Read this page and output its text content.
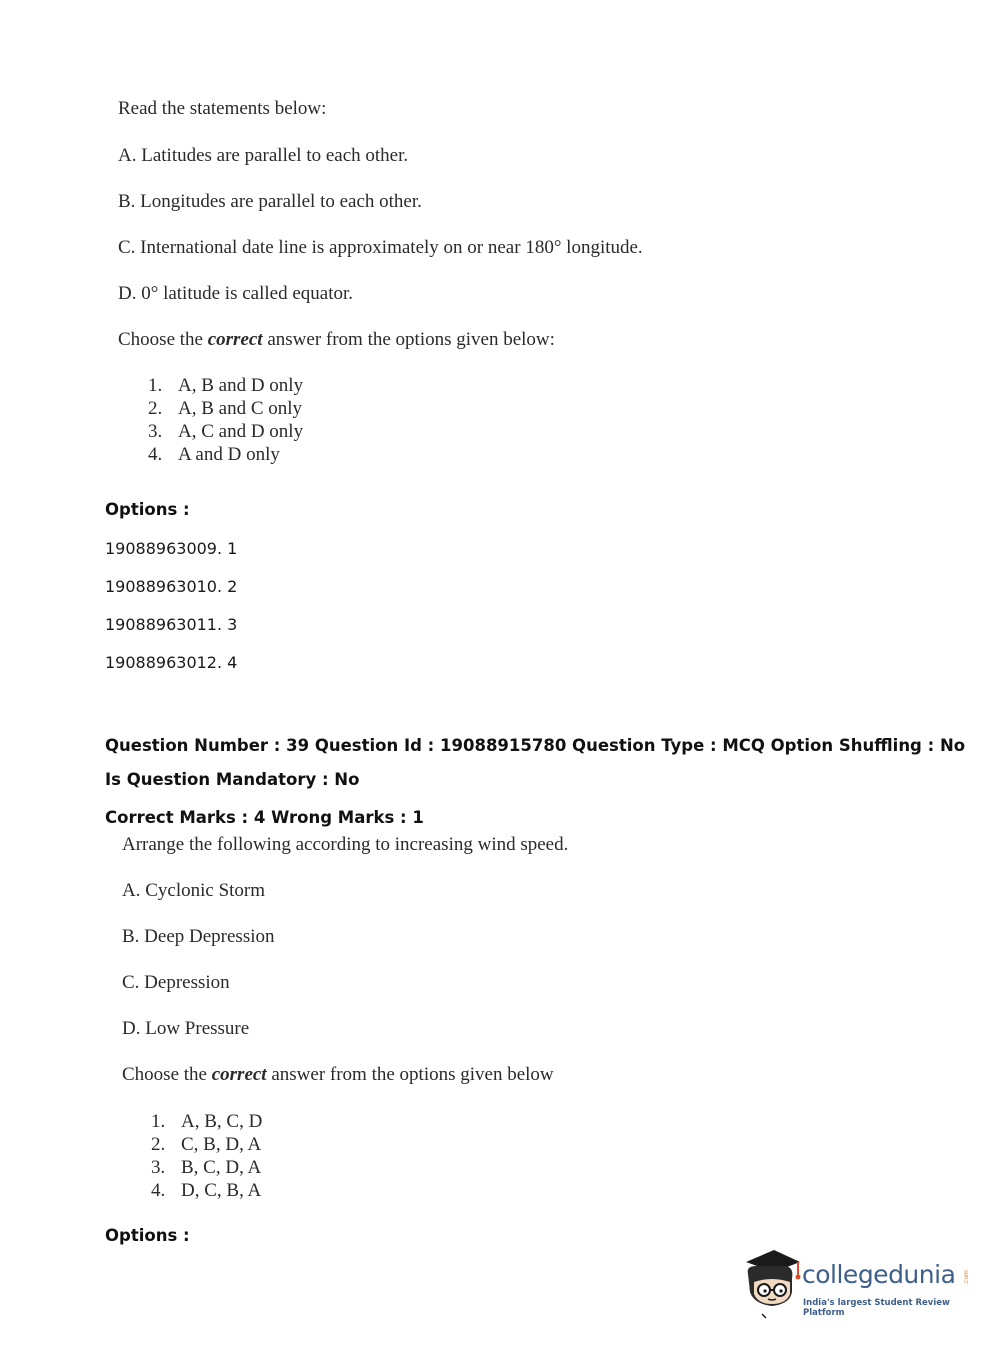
Read the statements below:
A. Latitudes are parallel to each other.
B. Longitudes are parallel to each other.
C. International date line is approximately on or near 180° longitude.
D. 0° latitude is called equator.
Choose the correct answer from the options given below:
1. A, B and D only
2. A, B and C only
3. A, C and D only
4. A and D only
Options :
19088963009. 1
19088963010. 2
19088963011. 3
19088963012. 4
Question Number : 39 Question Id : 19088915780 Question Type : MCQ Option Shuffling : No
Is Question Mandatory : No
Correct Marks : 4 Wrong Marks : 1
Arrange the following according to increasing wind speed.
A. Cyclonic Storm
B. Deep Depression
C. Depression
D. Low Pressure
Choose the correct answer from the options given below
1. A, B, C, D
2. C, B, D, A
3. B, C, D, A
4. D, C, B, A
Options :
collegedunia .com
India's largest Student Review Platform
